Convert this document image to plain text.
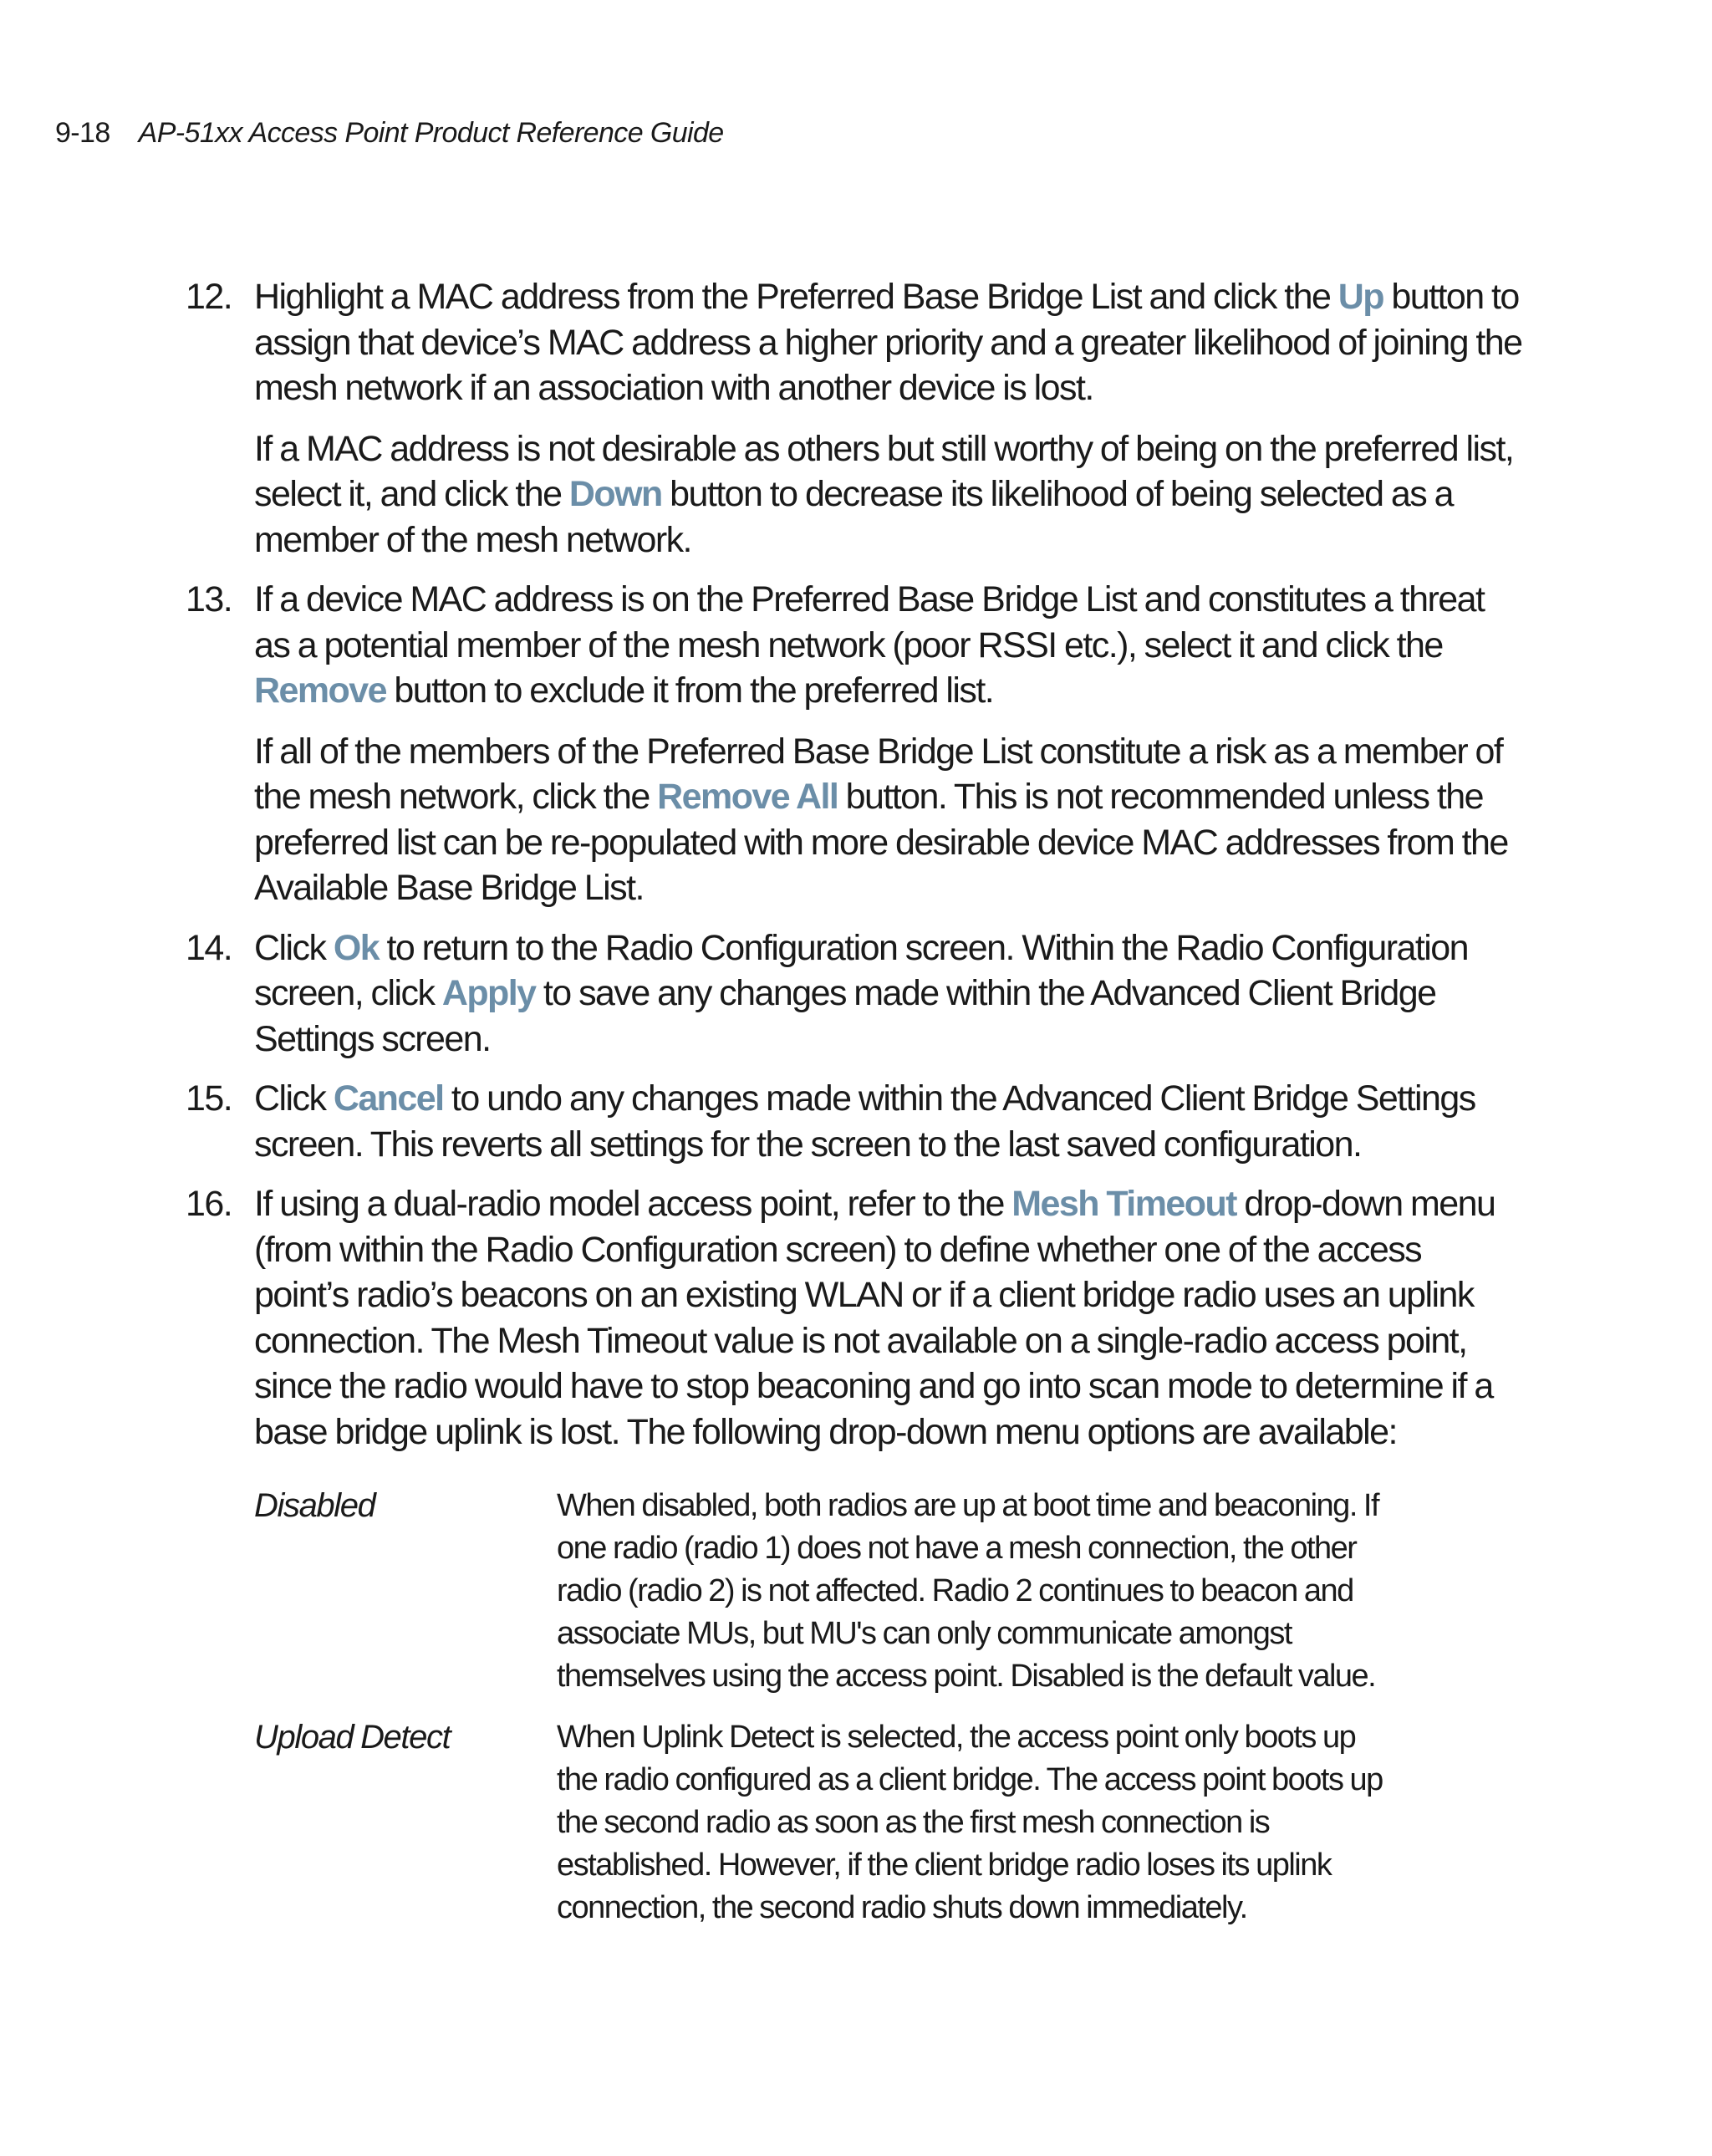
9-18 AP-51xx Access Point Product Reference Guide
12. Highlight a MAC address from the Preferred Base Bridge List and click the Up button to assign that device’s MAC address a higher priority and a greater likelihood of joining the mesh network if an association with another device is lost.

If a MAC address is not desirable as others but still worthy of being on the preferred list, select it, and click the Down button to decrease its likelihood of being selected as a member of the mesh network.

13. If a device MAC address is on the Preferred Base Bridge List and constitutes a threat as a potential member of the mesh network (poor RSSI etc.), select it and click the Remove button to exclude it from the preferred list.

If all of the members of the Preferred Base Bridge List constitute a risk as a member of the mesh network, click the Remove All button. This is not recommended unless the preferred list can be re-populated with more desirable device MAC addresses from the Available Base Bridge List.

14. Click Ok to return to the Radio Configuration screen. Within the Radio Configuration screen, click Apply to save any changes made within the Advanced Client Bridge Settings screen.

15. Click Cancel to undo any changes made within the Advanced Client Bridge Settings screen. This reverts all settings for the screen to the last saved configuration.

16. If using a dual-radio model access point, refer to the Mesh Timeout drop-down menu (from within the Radio Configuration screen) to define whether one of the access point’s radio’s beacons on an existing WLAN or if a client bridge radio uses an uplink connection. The Mesh Timeout value is not available on a single-radio access point, since the radio would have to stop beaconing and go into scan mode to determine if a base bridge uplink is lost. The following drop-down menu options are available:

Disabled	When disabled, both radios are up at boot time and beaconing. If one radio (radio 1) does not have a mesh connection, the other radio (radio 2) is not affected. Radio 2 continues to beacon and associate MUs, but MU's can only communicate amongst themselves using the access point. Disabled is the default value.
Upload Detect	When Uplink Detect is selected, the access point only boots up the radio configured as a client bridge. The access point boots up the second radio as soon as the first mesh connection is established. However, if the client bridge radio loses its uplink connection, the second radio shuts down immediately.
